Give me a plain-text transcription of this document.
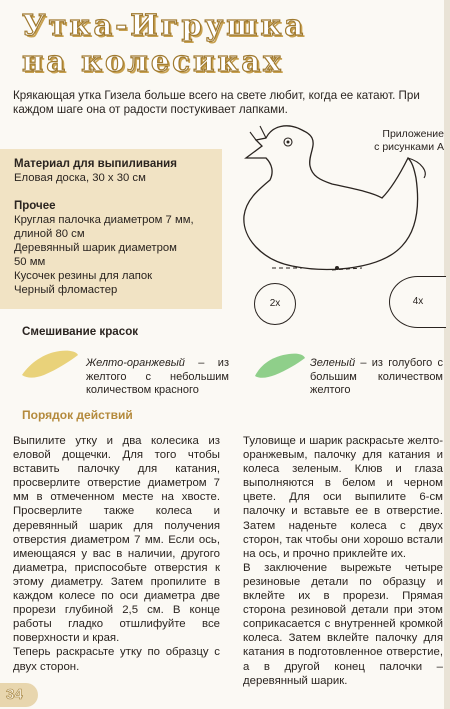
Утка-Игрушка
на колесиках

Крякающая утка Гизела больше всего на свете любит, когда ее катают. При каждом шаге она от радости постукивает лапками.

Материал для выпиливания

Еловая доска, 30 х 30 см

Прочее

Круглая палочка диаметром 7 мм,

длиной 80 см

Деревянный шарик диаметром

50 мм

Кусочек резины для лапок

Черный фломастер

Приложение
с рисунками А
2x	4x
Смешивание красок

Желто-оранжевый – из желтого с небольшим количеством красного

Зеленый – из голубого с большим количеством желтого

Порядок действий

Выпилите утку и два колесика из еловой дощечки. Для того чтобы вставить палочку для катания, просверлите отверстие диаметром 7 мм в отмеченном месте на хвосте. Просверлите также колеса и деревянный шарик для получения отверстия диаметром 7 мм. Если ось, имеющаяся у вас в наличии, другого диаметра, приспособьте отверстия к этому диаметру. Затем пропилите в каждом колесе по оси диаметра две прорези глубиной 2,5 см. В конце работы гладко отшлифуйте все поверхности и края.

Теперь раскрасьте утку по образцу с двух сторон.

Туловище и шарик раскрасьте желто-оранжевым, палочку для катания и колеса зеленым. Клюв и глаза выполняются в белом и черном цвете. Для оси выпилите 6-см палочку и вставьте ее в отверстие. Затем наденьте колеса с двух сторон, так чтобы они хорошо встали на ось, и прочно приклейте их.

В заключение вырежьте четыре резиновые детали по образцу и вклейте их в прорези. Прямая сторона резиновой детали при этом соприкасается с внутренней кромкой колеса. Затем вклейте палочку для катания в подготовленное отверстие, а в другой конец палочки – деревянный шарик.

34
